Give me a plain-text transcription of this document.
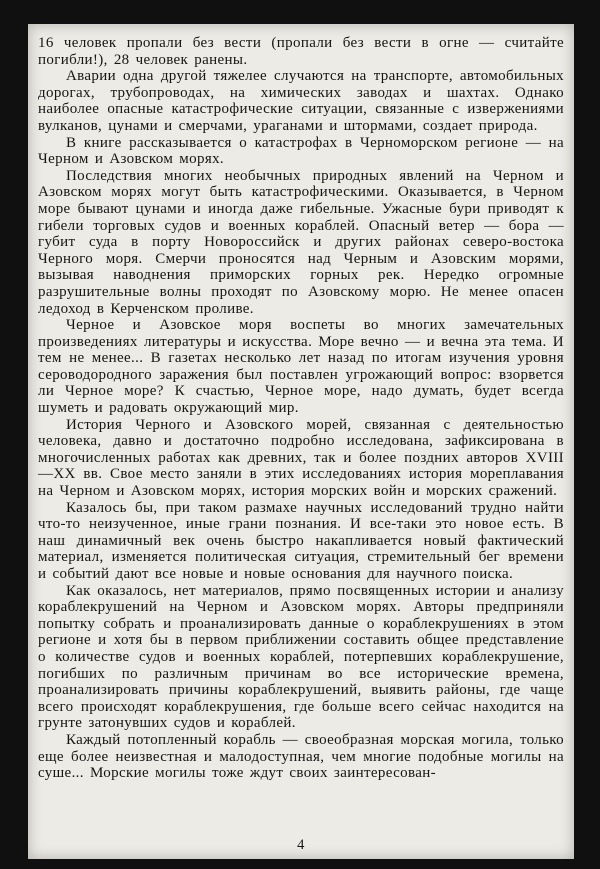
16 человек пропали без вести (пропали без вести в огне — считайте погибли!), 28 человек ранены.

Аварии одна другой тяжелее случаются на транспорте, автомобильных дорогах, трубопроводах, на химических заводах и шахтах. Однако наиболее опасные катастрофические ситуации, связанные с извержениями вулканов, цунами и смерчами, ураганами и штормами, создает природа.

В книге рассказывается о катастрофах в Черноморском регионе — на Черном и Азовском морях.

Последствия многих необычных природных явлений на Черном и Азовском морях могут быть катастрофическими. Оказывается, в Черном море бывают цунами и иногда даже гибельные. Ужасные бури приводят к гибели торговых судов и военных кораблей. Опасный ветер — бора — губит суда в порту Новороссийск и других районах северо-востока Черного моря. Смерчи проносятся над Черным и Азовским морями, вызывая наводнения приморских горных рек. Нередко огромные разрушительные волны проходят по Азовскому морю. Не менее опасен ледоход в Керченском проливе.

Черное и Азовское моря воспеты во многих замечательных произведениях литературы и искусства. Море вечно — и вечна эта тема. И тем не менее... В газетах несколько лет назад по итогам изучения уровня сероводородного заражения был поставлен угрожающий вопрос: взорвется ли Черное море? К счастью, Черное море, надо думать, будет всегда шуметь и радовать окружающий мир.

История Черного и Азовского морей, связанная с деятельностью человека, давно и достаточно подробно исследована, зафиксирована в многочисленных работах как древних, так и более поздних авторов XVIII—XX вв. Свое место заняли в этих исследованиях история мореплавания на Черном и Азовском морях, история морских войн и морских сражений.

Казалось бы, при таком размахе научных исследований трудно найти что-то неизученное, иные грани познания. И все-таки это новое есть. В наш динамичный век очень быстро накапливается новый фактический материал, изменяется политическая ситуация, стремительный бег времени и событий дают все новые и новые основания для научного поиска.

Как оказалось, нет материалов, прямо посвященных истории и анализу кораблекрушений на Черном и Азовском морях. Авторы предприняли попытку собрать и проанализировать данные о кораблекрушениях в этом регионе и хотя бы в первом приближении составить общее представление о количестве судов и военных кораблей, потерпевших кораблекрушение, погибших по различным причинам во все исторические времена, проанализировать причины кораблекрушений, выявить районы, где чаще всего происходят кораблекрушения, где больше всего сейчас находится на грунте затонувших судов и кораблей.

Каждый потопленный корабль — своеобразная морская могила, только еще более неизвестная и малодоступная, чем многие подобные могилы на суше... Морские могилы тоже ждут своих заинтересован-

4
